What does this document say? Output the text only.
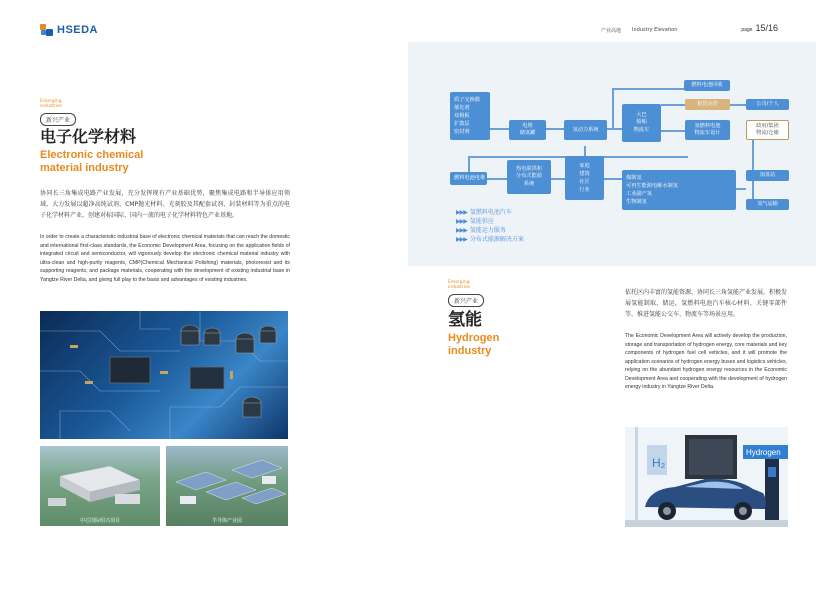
HSEDA
Emerging
industries
新兴产业
电子化学材料
Electronic chemical
material industry
协同长三角集成电路产业发展，充分发挥现有产业基础优势，聚焦集成电路和半导体应用领域，大力发展以超净高纯试剂、CMP抛光材料、光刻胶及其配套试剂、封装材料等为重点的电子化学材料产业，创建对标国际、国内一流的电子化学材料特色产业基地。
In order to create a characteristic industrial base of electronic chemical materials that can reach the domestic and international first-class standards, the Economic Development Area, focusing on the application fields of integrated circuit and semiconductor, will vigorously develop the electronic chemical material industry with ultra-clean and high-purity reagents, CMP(Chemical Mechanical Polishing) materials, photoresist and its supporting reagents, and package materials, cooperating with the development of existing industrial base in Yangtze River Delta, and giving full play to the basis and advantages of existing industries.
中芯国际绍兴项目	半导体产业园
产业高地 Industry Elevation	page 15/16
质子交换膜
催化剂
双极板
扩散层
密封剂
电堆
储氢罐
氢动力系统
大巴
船舶
物流车
燃料电池回收
租赁运营	公司/个人
氢燃料电池
物流车设计
政府/集团
物流/仓储
燃料电池电堆
热电联供和
分布式能源
系统
家庭
建筑
社区
行业
煤制氢
可再生能源电解水制氢
工业副产氢
生物制氢
加氢站
氢气运输
▶▶▶ 氢燃料电池汽车
▶▶▶ 氢能供应
▶▶▶ 氢能运力服务
▶▶▶ 分布式能源解决方案
Emerging
industries
新兴产业
氢能
Hydrogen
industry
依托区内丰富的氢能资源，协同长三角氢能产业发展，积极发展氢能制取、储运，氢燃料电池汽车核心材料、关键零部件等，推进氢能公交车、物流车等场景应用。
The Economic Development Area will actively develop the production, storage and transportation of hydrogen energy, core materials and key components of hydrogen fuel cell vehicles, and it will promote the application scenarios of hydrogen energy buses and logistics vehicles, relying on the abundant hydrogen energy resources in the Economic Development Area and cooperating with the development of hydrogen energy industry in Yangtze River Delta.
H₂
Hydrogen
